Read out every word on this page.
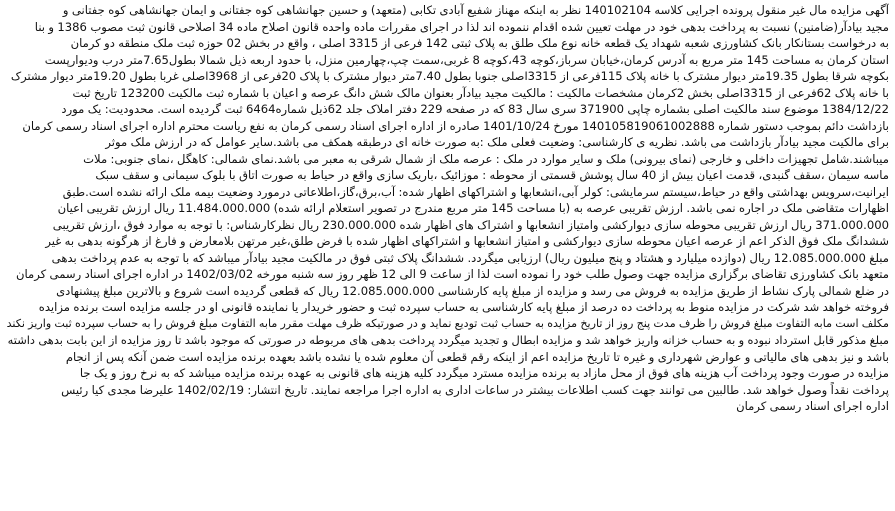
آگهی مزایده مال غیر منقول پرونده اجرایی کلاسه 140102104 نظر به اینکه مهناز شفیع آبادی تکابی (متعهد) و حسین جهانشاهی کوه جفتانی و ایمان جهانشاهی کوه جفتانی و
مجید بیاد‌آر(ضامنین) نسبت به پرداخت بدهی خود در مهلت تعیین شده اقدام ننموده اند لذا در اجرای مقررات ماده واحده قانون اصلاح ماده 34 اصلاحی قانون ثبت مصوب 1386 و بنا
به درخواست بستانکار بانک کشاورزی شعبه شهداد یک قطعه خانه نوع ملک طلق به پلاک ثبتی 142 فرعی از 3315 اصلی ، واقع در بخش 02 حوزه ثبت ملک منطقه دو کرمان
استان کرمان به مساحت 145 متر مربع به آدرس کرمان،خیابان سرباز،کوچه 43،کوچه 8 غربی،سمت چپ،چهارمین منزل، با حدود اربعه ذیل شمالا بطول7.65متر درب ودیوارپست
بکوچه شرقا بطول 19.35متر دیوار مشترک با خانه پلاک 115فرعی از 3315اصلی جنوبا بطول 7.40متر دیوار مشترک با پلاک 20فرعی از 3968اصلی غربا بطول 19.20متر دیوار مشترک
با خانه پلاک 62فرعی از 3315اصلی بخش 2کرمان مشخصات مالکیت : مالکیت مجید بیادآر بعنوان مالک شش دانگ عرصه و اعیان با شماره ثبت مالکیت 123200 تاریخ ثبت
1384/12/22 موضوع سند مالکیت اصلی بشماره چاپی 371900 سری سال 83 که در صفحه 229 دفتر املاک جلد 62ذیل شماره6464 ثبت گردیده است. محدودیت: یک مورد
بازداشت دائم بموجب دستور شماره 140105819061002888 مورخ 1401/10/24 صادره از اداره اجرای اسناد رسمی کرمان به نفع ریاست محترم اداره اجرای اسناد رسمی کرمان
برای مالکیت مجید بیادآر بازداشت می باشد. نظریه ی کارشناسی: وضعیت فعلی ملک :به صورت خانه ای درطبقه همکف می باشد.سایر عوامل که در ارزش ملک موثر
میباشند.شامل تجهیزات داخلی و خارجی (نمای بیرونی) ملک و سایر موارد در ملک : عرصه ملک از شمال شرقی به معبر می باشد.نمای شمالی: کاهگل ،نمای جنوبی: ملات
ماسه سیمان ،سقف گنبدی، قدمت اعیان بیش از 40 سال پوشش قسمتی از محوطه : موزائیک ،باریک سازی واقع در حیاط به صورت اتاق با بلوک سیمانی و سقف سبک
ایرانیت،سرویس بهداشتی واقع در حیاط،سیستم سرمایشی: کولر آبی،انشعابها و اشتراکهای اظهار شده: آب،برق،گاز،اطلاعاتی درمورد وضعیت بیمه ملک ارائه نشده است.طبق
اظهارات متقاضی ملک در اجاره نمی باشد. ارزش تقریبی عرصه به (با مساحت 145 متر مربع مندرج در تصویر استعلام ارائه شده) 11.484.000.000 ریال ارزش تقریبی اعیان
371.000.000 ریال ارزش تقریبی محوطه سازی دیوارکشی وامتیاز انشعابها و اشتراک های اظهار شده 230.000.000 ریال نظرکارشناس: با توجه به موارد فوق ،ارزش تقریبی
ششدانگ ملک فوق الذکر اعم از عرصه اعیان محوطه سازی دیوارکشی و امتیاز انشعابها و اشتراکهای اظهار شده با فرض طلق،غیر مرتهن بلامعارض و فارغ از هرگونه بدهی به غیر
مبلغ 12.085.000.000 ریال (دوازده میلیارد و هشتاد و پنج میلیون ریال) ارزیابی میگردد. ششدانگ پلاک ثبتی فوق در مالکیت مجید بیادآر میباشد که با توجه به عدم پرداخت بدهی
متعهد بانک کشاورزی تقاضای برگزاری مزایده جهت وصول طلب خود را نموده است لذا از ساعت 9 الی 12 ظهر روز سه شنبه مورخه 1402/03/02 در اداره اجرای اسناد رسمی کرمان
در ضلع شمالی پارک نشاط از طریق مزایده به فروش می رسد و مزایده از مبلغ پایه کارشناسی 12.085.000.000 ریال که قطعی گردیده است شروع و بالاترین مبلغ پیشنهادی
فروخته خواهد شد شرکت در مزایده منوط به پرداخت ده درصد از مبلغ پایه کارشناسی به حساب سپرده ثبت و حضور خریدار یا نماینده قانونی او در جلسه مزایده است برنده مزایده
مکلف است مابه التفاوت مبلغ فروش را ظرف مدت پنج روز از تاریخ مزایده به حساب ثبت تودیع نماید و در صورتیکه ظرف مهلت مقرر مابه التفاوت مبلغ فروش را به حساب سپرده ثبت واریز نکند
مبلغ مذکور قابل استرداد نبوده و به حساب خزانه واریز خواهد شد و مزایده ابطال و تجدید میگردد پرداخت بدهی های مربوطه در صورتی که موجود باشد تا روز مزایده از این بابت بدهی داشته
باشد و نیز بدهی های مالیاتی و عوارض شهرداری و غیره تا تاریخ مزایده اعم از اینکه رقم قطعی آن معلوم شده یا نشده باشد بعهده برنده مزایده است ضمن آنکه پس از انجام
مزایده در صورت وجود پرداخت آب هزینه های فوق از محل مازاد به برنده مزایده مسترد میگردد کلیه هزینه های قانونی به عهده برنده مزایده میباشد که به نرخ روز و یک جا
پرداخت نقداً وصول خواهد شد. طالبین می توانند جهت کسب اطلاعات بیشتر در ساعات اداری به اداره اجرا مراجعه نمایند. تاریخ انتشار: 1402/02/19 علیرضا مجدی کیا رئیس
اداره اجرای اسناد رسمی کرمان
